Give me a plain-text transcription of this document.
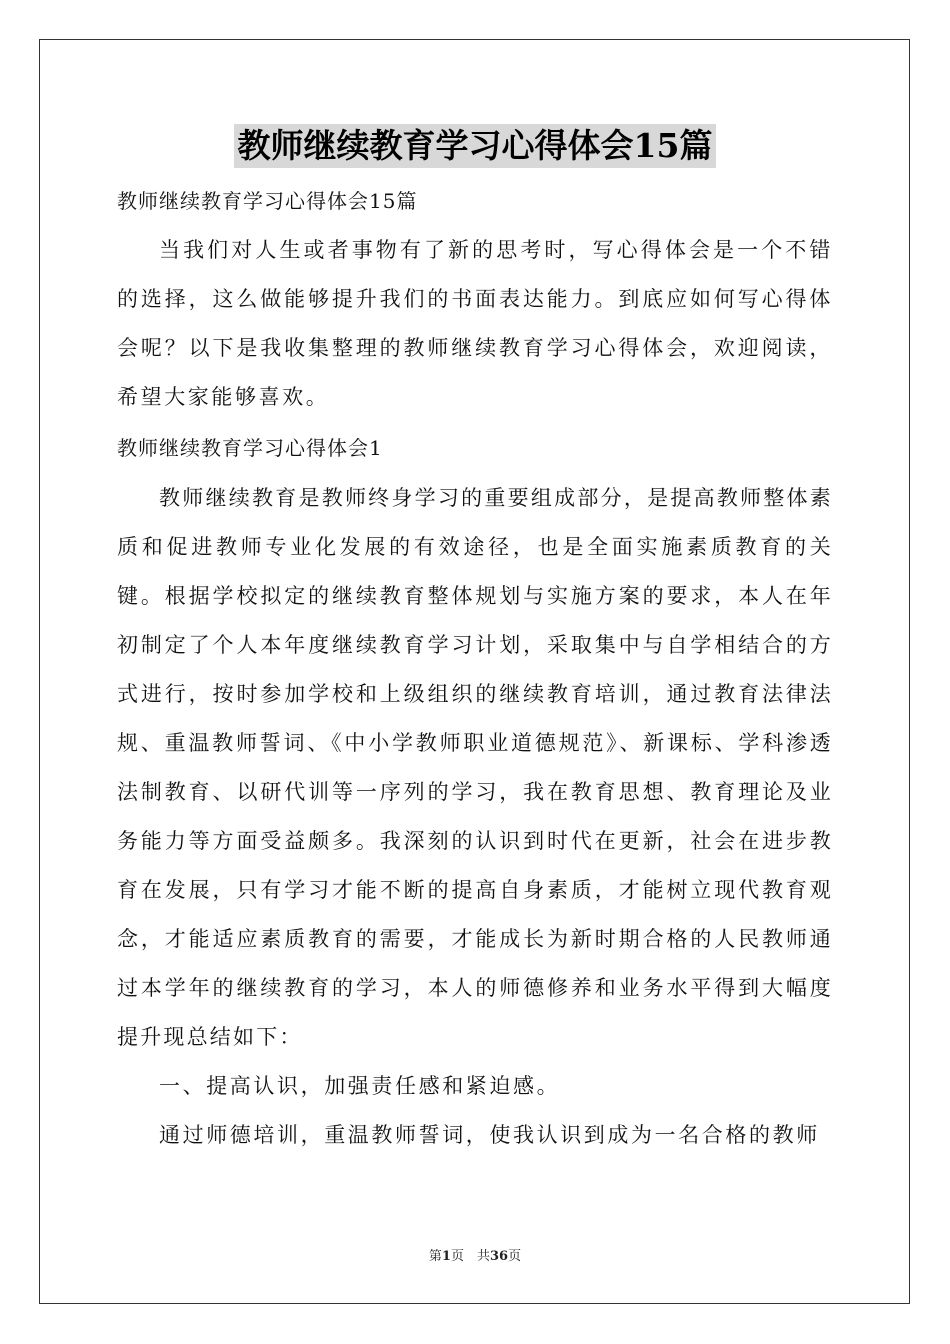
教师继续教育学习心得体会15篇

教师继续教育学习心得体会15篇

当我们对人生或者事物有了新的思考时，写心得体会是一个不错的选择，这么做能够提升我们的书面表达能力。到底应如何写心得体会呢？以下是我收集整理的教师继续教育学习心得体会，欢迎阅读，希望大家能够喜欢。

教师继续教育学习心得体会1

教师继续教育是教师终身学习的重要组成部分，是提高教师整体素质和促进教师专业化发展的有效途径，也是全面实施素质教育的关键。根据学校拟定的继续教育整体规划与实施方案的要求，本人在年初制定了个人本年度继续教育学习计划，采取集中与自学相结合的方式进行，按时参加学校和上级组织的继续教育培训，通过教育法律法规、重温教师誓词、《中小学教师职业道德规范》、新课标、学科渗透法制教育、以研代训等一序列的学习，我在教育思想、教育理论及业务能力等方面受益颇多。我深刻的认识到时代在更新，社会在进步教育在发展，只有学习才能不断的提高自身素质，才能树立现代教育观念，才能适应素质教育的需要，才能成长为新时期合格的人民教师通过本学年的继续教育的学习，本人的师德修养和业务水平得到大幅度提升现总结如下：

一、提高认识，加强责任感和紧迫感。

通过师德培训，重温教师誓词，使我认识到成为一名合格的教师

第1页　共36页
